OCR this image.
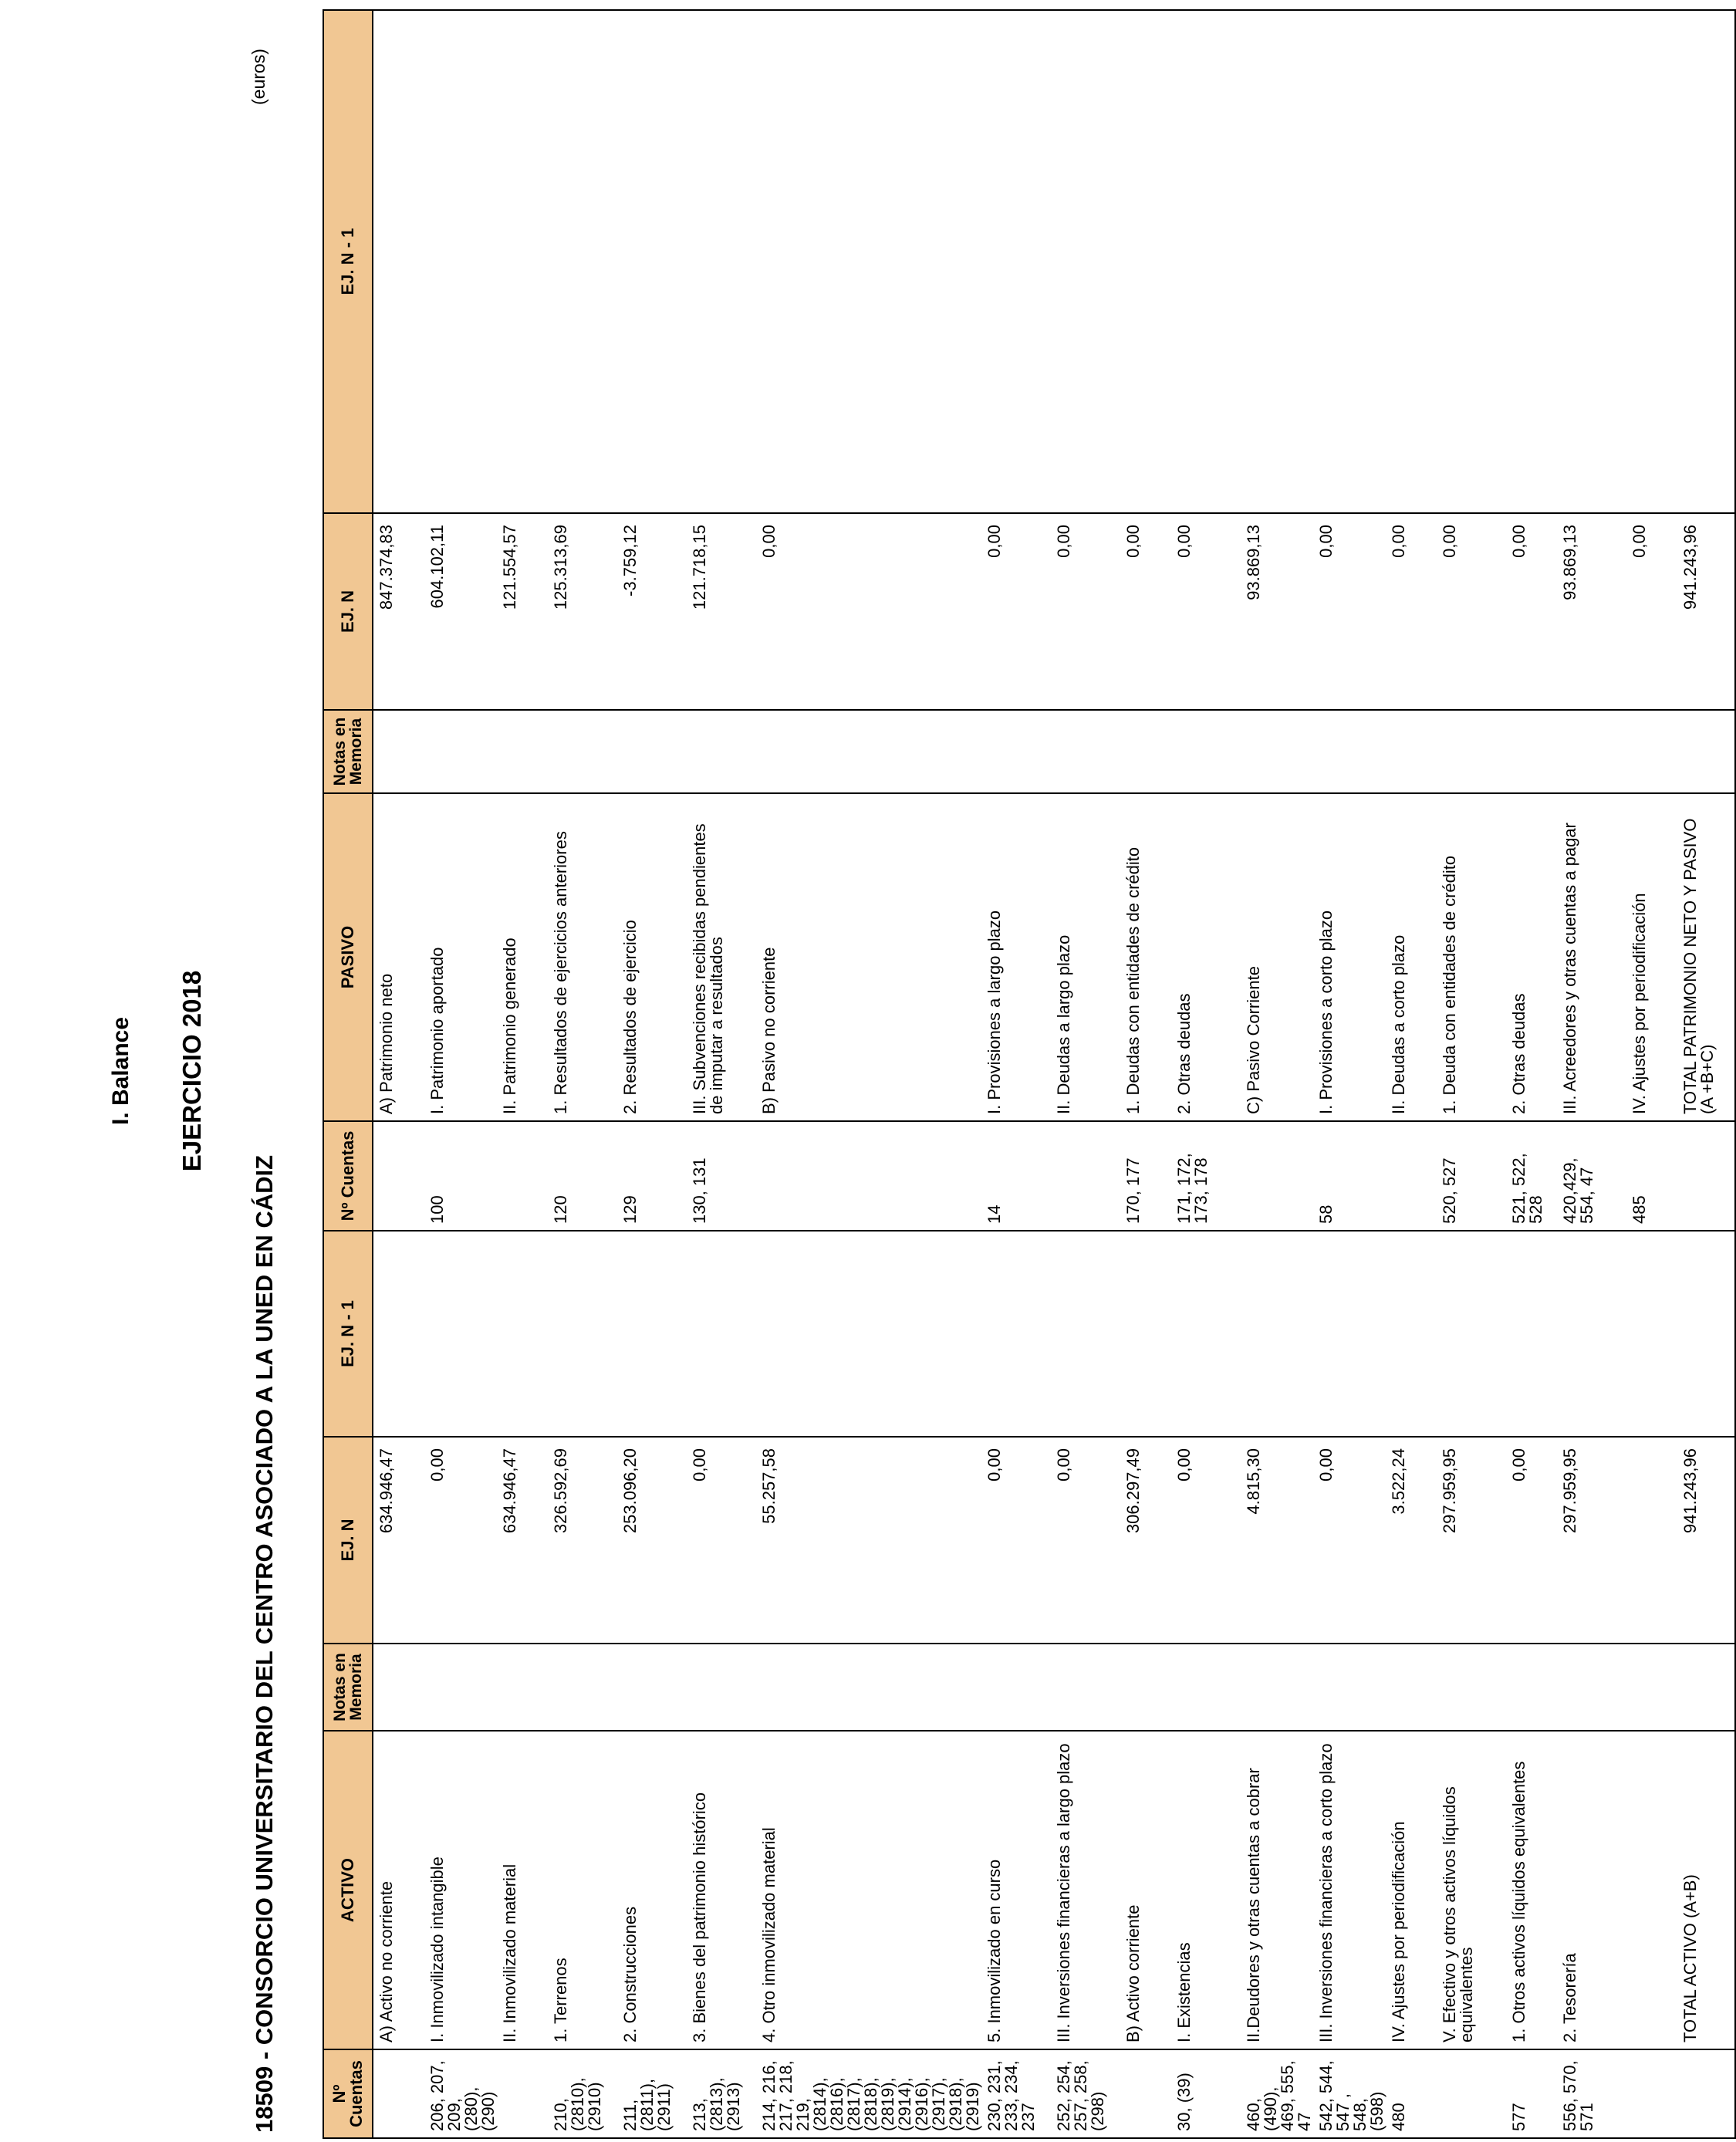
I. Balance EJERCICIO 2018
18509 - CONSORCIO UNIVERSITARIO DEL CENTRO ASOCIADO A LA UNED EN CÁDIZ
(euros)
Nº Cuentas	ACTIVO	Notas en Memoria	EJ. N	EJ. N - 1	Nº Cuentas	PASIVO	Notas en Memoria	EJ. N	EJ. N - 1
	A) Activo no corriente		634.946,47			A) Patrimonio neto		847.374,83	
206, 207, 209, (280), (290)	I. Inmovilizado intangible		0,00		100	I. Patrimonio aportado		604.102,11	
	II. Inmovilizado material		634.946,47			II. Patrimonio generado		121.554,57	
210, (2810), (2910)	1. Terrenos		326.592,69		120	1. Resultados de ejercicios anteriores		125.313,69	
211, (2811), (2911)	2. Construcciones		253.096,20		129	2. Resultados de ejercicio		-3.759,12	
213, (2813), (2913)	3. Bienes del patrimonio histórico		0,00		130, 131	III. Subvenciones recibidas pendientes de imputar a resultados		121.718,15	
214, 216, 217, 218, 219, (2814), (2816), (2817), (2818), (2819), (2914), (2916), (2917), (2918), (2919)	4. Otro inmovilizado material		55.257,58			B) Pasivo no corriente		0,00	
230, 231, 233, 234, 237	5. Inmovilizado en curso		0,00		14	I. Provisiones a largo plazo		0,00	
252, 254, 257, 258, (298)	III. Inversiones financieras a largo plazo		0,00			II. Deudas a largo plazo		0,00	
	B) Activo corriente		306.297,49		170, 177	1. Deudas con entidades de crédito		0,00	
30, (39)	I. Existencias		0,00		171, 172, 173, 178	2. Otras deudas		0,00	
460, (490), 469, 555, 47	II.Deudores y otras cuentas a cobrar		4.815,30			C) Pasivo Corriente		93.869,13	
542, 544, 547 , 548, (598)	III. Inversiones financieras a corto plazo		0,00		58	I. Provisiones a corto plazo		0,00	
480	IV. Ajustes por periodificación		3.522,24			II. Deudas a corto plazo		0,00	
	V. Efectivo y otros activos líquidos equivalentes		297.959,95		520, 527	1. Deuda con entidades de crédito		0,00	
577	1. Otros activos líquidos equivalentes		0,00		521, 522, 528	2. Otras deudas		0,00	
556, 570, 571	2. Tesorería		297.959,95		420,429, 554, 47	III. Acreedores y otras cuentas a pagar		93.869,13	
					485	IV. Ajustes por periodificación		0,00	
	TOTAL ACTIVO (A+B)		941.243,96			TOTAL PATRIMONIO NETO Y PASIVO (A +B+C)		941.243,96	
